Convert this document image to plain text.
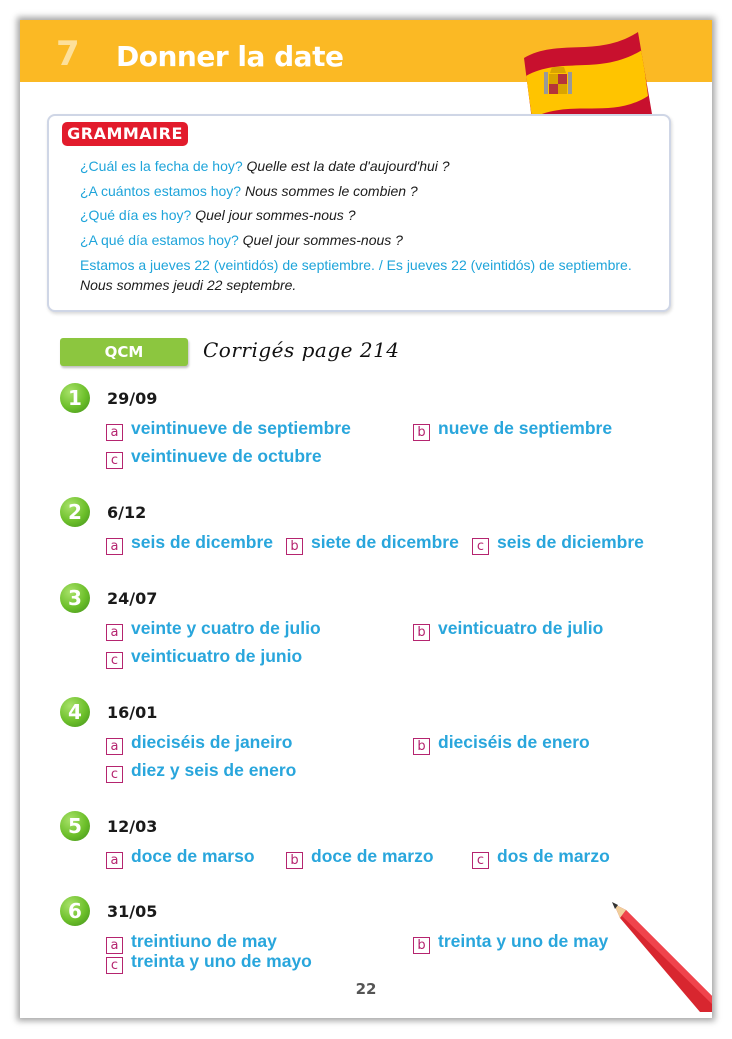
7 Donner la date
GRAMMAIRE
¿Cuál es la fecha de hoy? Quelle est la date d'aujourd'hui ?
¿A cuántos estamos hoy? Nous sommes le combien ?
¿Qué día es hoy? Quel jour sommes-nous ?
¿A qué día estamos hoy? Quel jour sommes-nous ?
Estamos a jueves 22 (veintidós) de septiembre. / Es jueves 22 (veintidós) de septiembre. Nous sommes jeudi 22 septembre.
QCM	Corrigés page 214
1	29/09
a veintinueve de septiembre	b nueve de septiembre
c veintinueve de octubre
2	6/12
a seis de dicembre	b siete de dicembre	c seis de diciembre
3	24/07
a veinte y cuatro de julio	b veinticuatro de julio
c veinticuatro de junio
4	16/01
a dieciséis de janeiro	b dieciséis de enero
c diez y seis de enero
5	12/03
a doce de marso	b doce de marzo	c dos de marzo
6	31/05
a treintiuno de may	b treinta y uno de may
c treinta y uno de mayo
22
